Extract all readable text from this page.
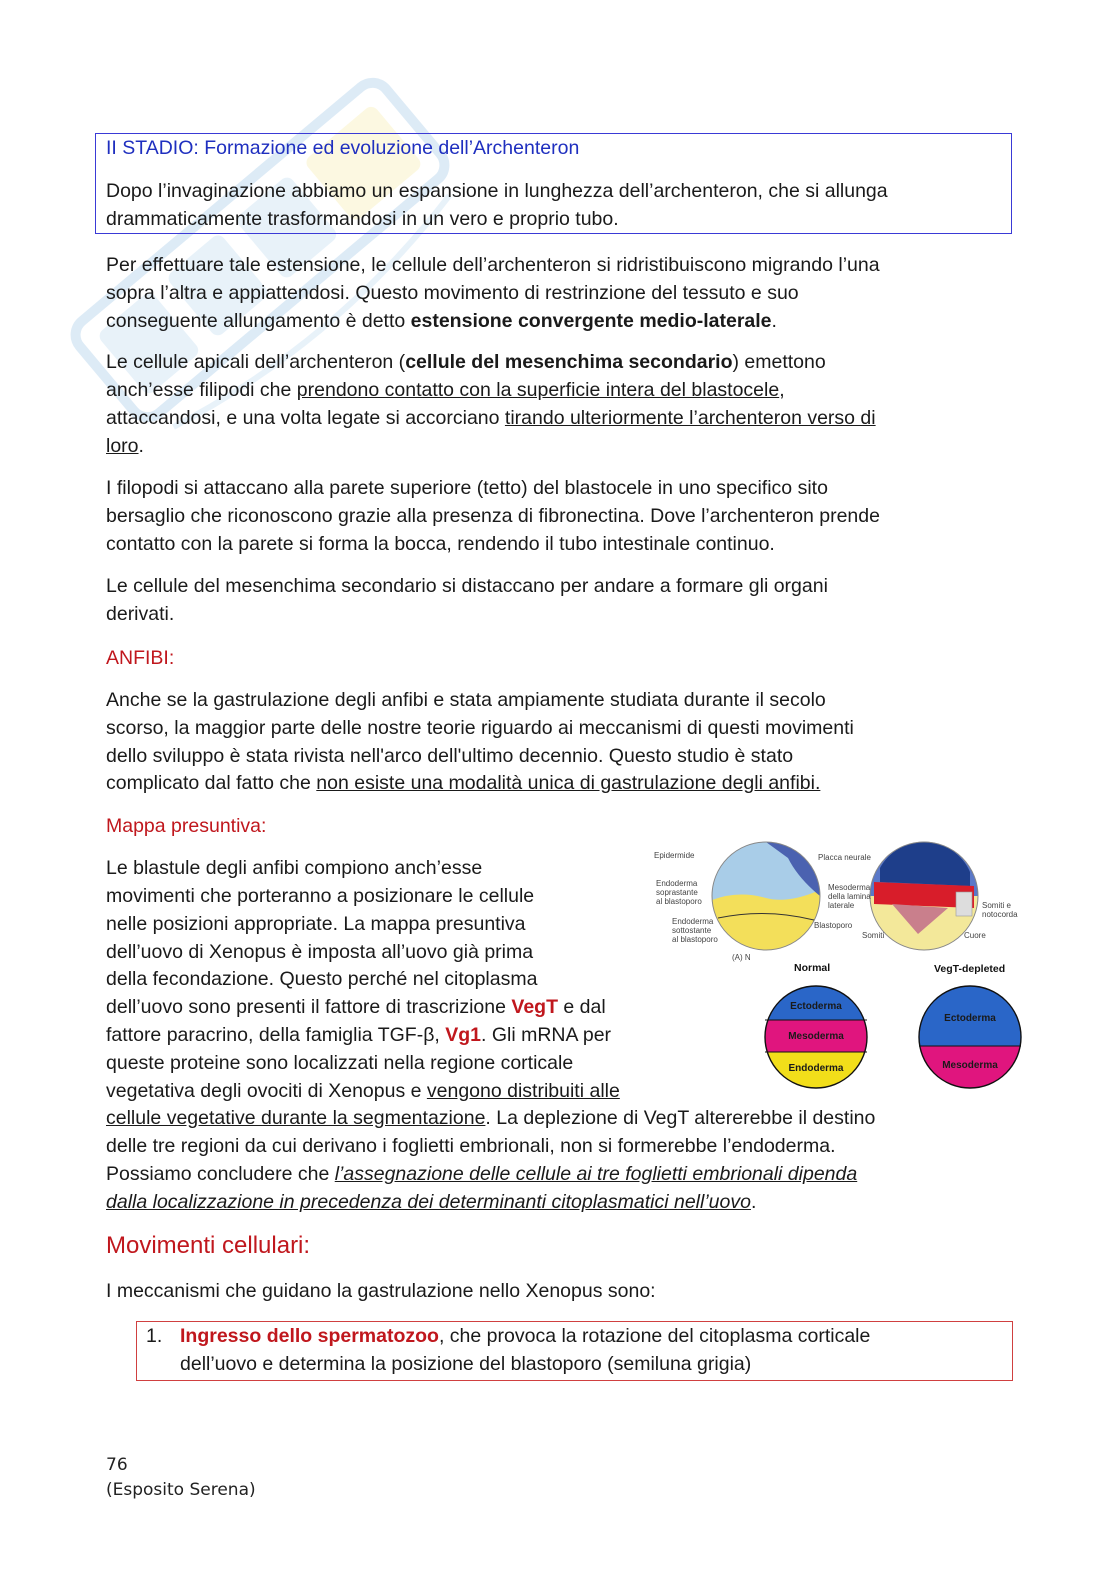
II STADIO: Formazione ed evoluzione dell’Archenteron

Dopo l’invaginazione abbiamo un espansione in lunghezza dell’archenteron, che si allunga

drammaticamente trasformandosi in un vero e proprio tubo.

Per effettuare tale estensione, le cellule dell’archenteron si ridristibuiscono migrando l’una

sopra l’altra e appiattendosi. Questo movimento di restrinzione del tessuto e suo

conseguente allungamento è detto estensione convergente medio-laterale.

Le cellule apicali dell’archenteron (cellule del mesenchima secondario) emettono

anch’esse filipodi che prendono contatto con la superficie intera del blastocele,

attaccandosi, e una volta legate si accorciano tirando ulteriormente l’archenteron verso di

loro.

I filopodi si attaccano alla parete superiore (tetto) del blastocele in uno specifico sito

bersaglio che riconoscono grazie alla presenza di fibronectina. Dove l’archenteron prende

contatto con la parete si forma la bocca, rendendo il tubo intestinale continuo.

Le cellule del mesenchima secondario si distaccano per andare a formare gli organi

derivati.

ANFIBI:

Anche se la gastrulazione degli anfibi e stata ampiamente studiata durante il secolo

scorso, la maggior parte delle nostre teorie riguardo ai meccanismi di questi movimenti

dello sviluppo è stata rivista nell'arco dell'ultimo decennio. Questo studio è stato

complicato dal fatto che non esiste una modalità unica di gastrulazione degli anfibi.

Mappa presuntiva:

Le blastule degli anfibi compiono anch’esse

movimenti che porteranno a posizionare le cellule

nelle posizioni appropriate. La mappa presuntiva

dell’uovo di Xenopus è imposta all’uovo già prima

della fecondazione. Questo perché nel citoplasma

dell’uovo sono presenti il fattore di trascrizione VegT e dal

fattore paracrino, della famiglia TGF-β, Vg1. Gli mRNA per

queste proteine sono localizzati nella regione corticale

vegetativa degli ovociti di Xenopus e vengono distribuiti alle

cellule vegetative durante la segmentazione. La deplezione di VegT altererebbe il destino

delle tre regioni da cui derivano i foglietti embrionali, non si formerebbe l’endoderma.

Possiamo concludere che l’assegnazione delle cellule ai tre foglietti embrionali dipenda

dalla localizzazione in precedenza dei determinanti citoplasmatici nell’uovo.

Epidermide
Endoderma
soprastante
al blastoporo
Endoderma
sottostante
al blastoporo
Placca neurale
Mesoderma
della lamina
laterale
Blastoporo
Somiti e
notocorda
Somiti	Cuore
(A) N
Normal	VegT-depleted
Ectoderma
Mesoderma
Endoderma
Ectoderma
Mesoderma

Movimenti cellulari:

I meccanismi che guidano la gastrulazione nello Xenopus sono:

1. Ingresso dello spermatozoo, che provoca la rotazione del citoplasma corticale

dell’uovo e determina la posizione del blastoporo (semiluna grigia)

76
(Esposito Serena)
